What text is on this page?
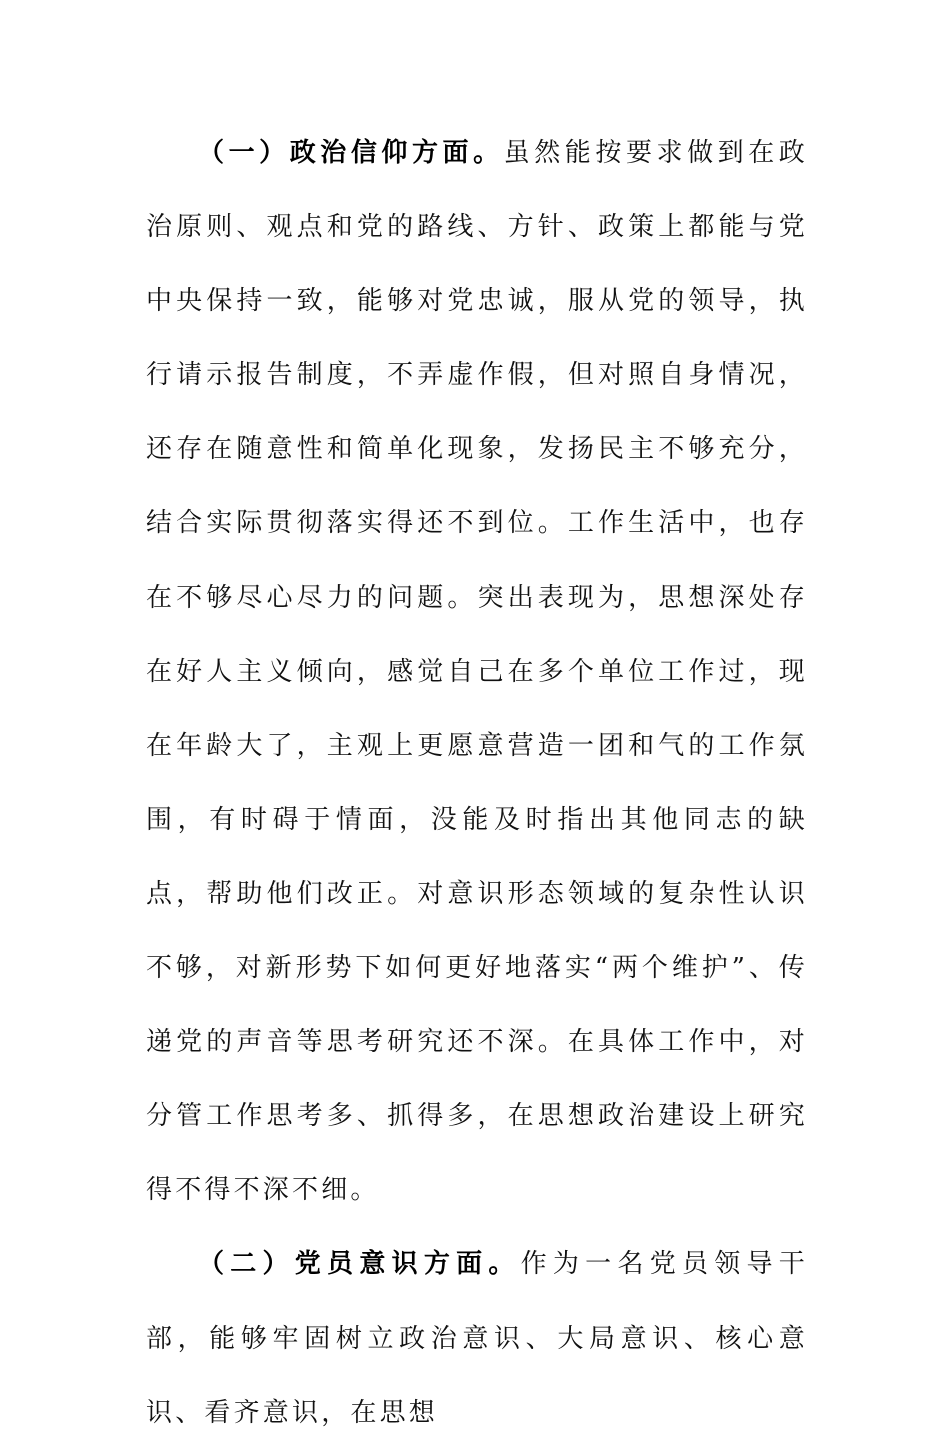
（一）政治信仰方面。虽然能按要求做到在政治原则、观点和党的路线、方针、政策上都能与党中央保持一致，能够对党忠诚，服从党的领导，执行请示报告制度，不弄虚作假，但对照自身情况，还存在随意性和简单化现象，发扬民主不够充分，结合实际贯彻落实得还不到位。工作生活中，也存在不够尽心尽力的问题。突出表现为，思想深处存在好人主义倾向，感觉自己在多个单位工作过，现在年龄大了，主观上更愿意营造一团和气的工作氛围，有时碍于情面，没能及时指出其他同志的缺点，帮助他们改正。对意识形态领域的复杂性认识不够，对新形势下如何更好地落实“两个维护”、传递党的声音等思考研究还不深。在具体工作中，对分管工作思考多、抓得多，在思想政治建设上研究得不得不深不细。

（二）党员意识方面。作为一名党员领导干部，能够牢固树立政治意识、大局意识、核心意识、看齐意识，在思想
